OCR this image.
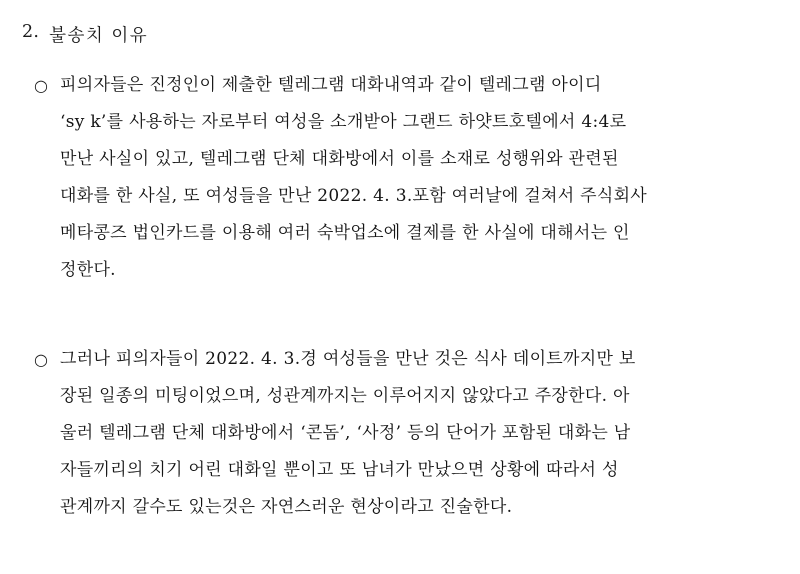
2. 불송치 이유
○ 피의자들은 진정인이 제출한 텔레그램 대화내역과 같이 텔레그램 아이디
‘sy k’를 사용하는 자로부터 여성을 소개받아 그랜드 하얏트호텔에서 4:4로
만난 사실이 있고, 텔레그램 단체 대화방에서 이를 소재로 성행위와 관련된
대화를 한 사실, 또 여성들을 만난 2022. 4. 3.포함 여러날에 걸쳐서 주식회사
메타콩즈 법인카드를 이용해 여러 숙박업소에 결제를 한 사실에 대해서는 인
정한다.
○ 그러나 피의자들이 2022. 4. 3.경 여성들을 만난 것은 식사 데이트까지만 보
장된 일종의 미팅이었으며, 성관계까지는 이루어지지 않았다고 주장한다. 아
울러 텔레그램 단체 대화방에서 ‘콘돔’, ‘사정’ 등의 단어가 포함된 대화는 남
자들끼리의 치기 어린 대화일 뿐이고 또 남녀가 만났으면 상황에 따라서 성
관계까지 갈수도 있는것은 자연스러운 현상이라고 진술한다.
